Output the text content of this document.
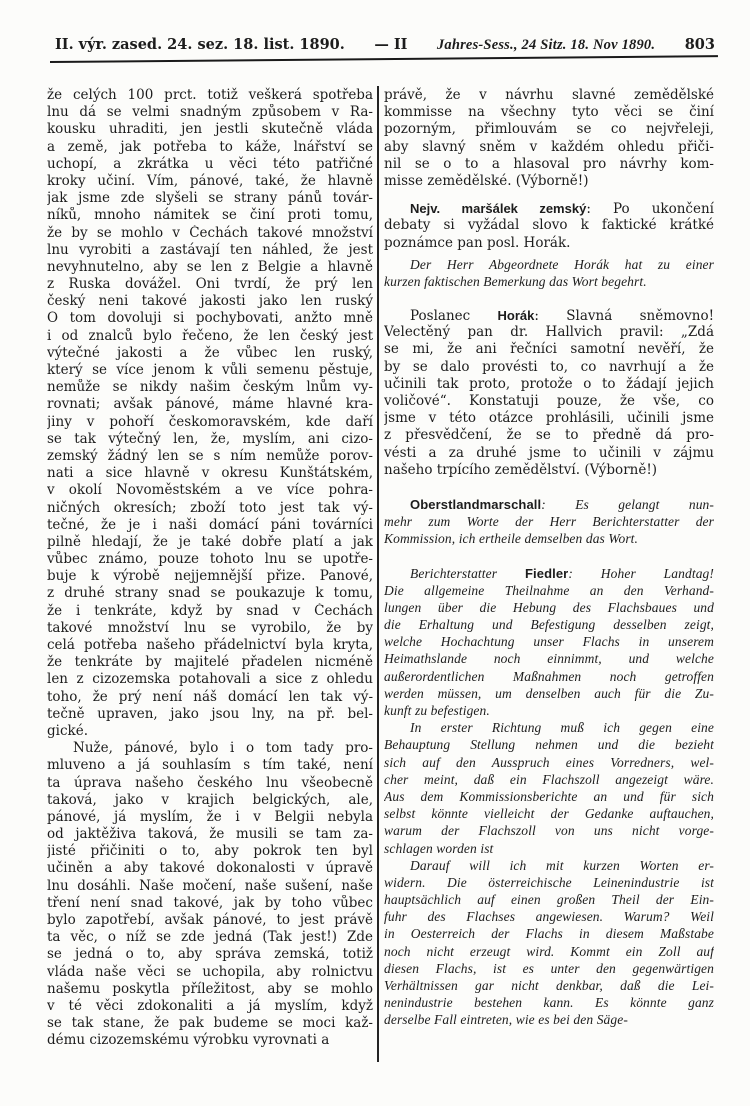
II. výr. zased. 24. sez. 18. list. 1890. — II Jahres-Sess., 24 Sitz. 18. Nov 1890. 803
že celých 100 prct. totiž veškerá spotřeba
lnu dá se velmi snadným způsobem v Ra-
kousku uhraditi, jen jestli skutečně vláda
a země, jak potřeba to káže, lnářství se
uchopí, a zkrátka u věci této patřičné
kroky učiní. Vím, pánové, také, že hlavně
jak jsme zde slyšeli se strany pánů továr-
níků, mnoho námitek se činí proti tomu,
že by se mohlo v Čechách takové množství
lnu vyrobiti a zastávají ten náhled, že jest
nevyhnutelno, aby se len z Belgie a hlavně
z Ruska dovážel. Oni tvrdí, že prý len
český neni takové jakosti jako len ruský
O tom dovoluji si pochybovati, anžto mně
i od znalců bylo řečeno, že len český jest
výtečné jakosti a že vůbec len ruský,
který se více jenom k vůli semenu pěstuje,
nemůže se nikdy našim českým lnům vy-
rovnati; avšak pánové, máme hlavné kra-
jiny v pohoří českomoravském, kde daří
se tak výtečný len, že, myslím, ani cizo-
zemský žádný len se s ním nemůže porov-
nati a sice hlavně v okresu Kunštátském,
v okolí Novoměstském a ve více pohra-
ničných okresích; zboží toto jest tak vý-
tečné, že je i naši domácí páni továrníci
pilně hledají, že je také dobře platí a jak
vůbec známo, pouze tohoto lnu se upotře-
buje k výrobě nejjemnější přize. Panové,
z druhé strany snad se poukazuje k tomu,
že i tenkráte, když by snad v Čechách
takové množství lnu se vyrobilo, že by
celá potřeba našeho přádelnictví byla kryta,
že tenkráte by majitelé přadelen nicméně
len z cizozemska potahovali a sice z ohledu
toho, že prý není náš domácí len tak vý-
tečně upraven, jako jsou lny, na př. bel-
gické.
Nuže, pánové, bylo i o tom tady pro-
mluveno a já souhlasím s tím také, není
ta úprava našeho českého lnu všeobecně
taková, jako v krajich belgických, ale,
pánové, já myslím, že i v Belgii nebyla
od jaktěživa taková, že musili se tam za-
jisté přičiniti o to, aby pokrok ten byl
učiněn a aby takové dokonalosti v úpravě
lnu dosáhli. Naše močení, naše sušení, naše
tření není snad takové, jak by toho vůbec
bylo zapotřebí, avšak pánové, to jest právě
ta věc, o níž se zde jedná (Tak jest!) Zde
se jedná o to, aby správa zemská, totiž
vláda naše věci se uchopila, aby rolnictvu
našemu poskytla příležitost, aby se mohlo
v té věci zdokonaliti a já myslím, když
se tak stane, že pak budeme se moci kaž-
dému cizozemskému výrobku vyrovnati a
právě, že v návrhu slavné zemědělské
kommisse na všechny tyto věci se činí
pozorným, přimlouvám se co nejvřeleji,
aby slavný sněm v každém ohledu přiči-
nil se o to a hlasoval pro návrhy kom-
misse zemědělské. (Výborně!)
Nejv. maršálek zemský: Po ukončení
debaty si vyžádal slovo k faktické krátké
poznámce pan posl. Horák.
Der Herr Abgeordnete Horák hat zu einer
kurzen faktischen Bemerkung das Wort begehrt.
Poslanec Horák: Slavná sněmovno!
Velectěný pan dr. Hallvich pravil: „Zdá
se mi, že ani řečníci samotní nevěří, že
by se dalo provésti to, co navrhují a že
učinili tak proto, protože o to žádají jejich
voličové“. Konstatuji pouze, že vše, co
jsme v této otázce prohlásili, učinili jsme
z přesvědčení, že se to předně dá pro-
vésti a za druhé jsme to učinili v zájmu
našeho trpícího zemědělství. (Výborně!)
Oberstlandmarschall: Es gelangt nun-
mehr zum Worte der Herr Berichterstatter der
Kommission, ich ertheile demselben das Wort.
Berichterstatter Fiedler: Hoher Landtag!
Die allgemeine Theilnahme an den Verhand-
lungen über die Hebung des Flachsbaues und
die Erhaltung und Befestigung desselben zeigt,
welche Hochachtung unser Flachs in unserem
Heimathslande noch einnimmt, und welche
außerordentlichen Maßnahmen noch getroffen
werden müssen, um denselben auch für die Zu-
kunft zu befestigen.
In erster Richtung muß ich gegen eine
Behauptung Stellung nehmen und die bezieht
sich auf den Ausspruch eines Vorredners, wel-
cher meint, daß ein Flachszoll angezeigt wäre.
Aus dem Kommissionsberichte an und für sich
selbst könnte vielleicht der Gedanke auftauchen,
warum der Flachszoll von uns nicht vorge-
schlagen worden ist
Darauf will ich mit kurzen Worten er-
widern. Die österreichische Leinenindustrie ist
hauptsächlich auf einen großen Theil der Ein-
fuhr des Flachses angewiesen. Warum? Weil
in Oesterreich der Flachs in diesem Maßstabe
noch nicht erzeugt wird. Kommt ein Zoll auf
diesen Flachs, ist es unter den gegenwärtigen
Verhältnissen gar nicht denkbar, daß die Lei-
nenindustrie bestehen kann. Es könnte ganz
derselbe Fall eintreten, wie es bei den Säge-
